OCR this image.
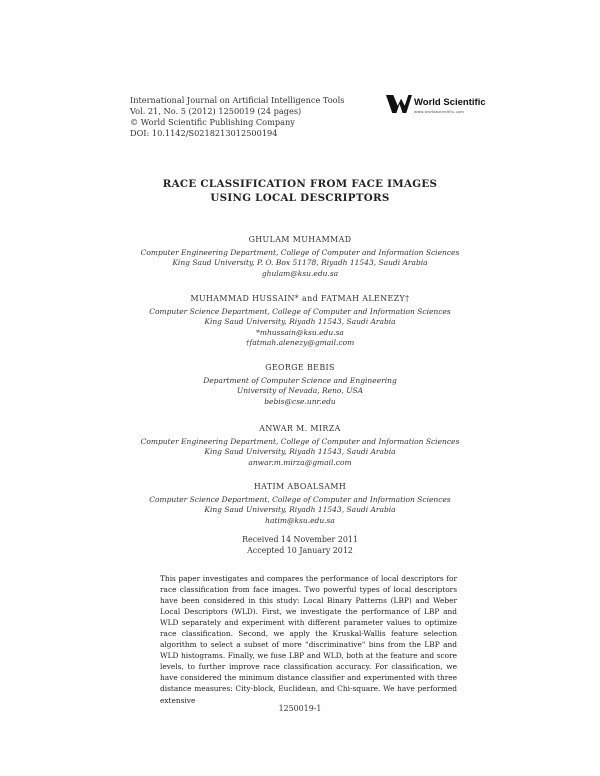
International Journal on Artificial Intelligence Tools
Vol. 21, No. 5 (2012) 1250019 (24 pages)
© World Scientific Publishing Company
DOI: 10.1142/S0218213012500194
World Scientific
www.worldscientific.com
RACE CLASSIFICATION FROM FACE IMAGES
USING LOCAL DESCRIPTORS
GHULAM MUHAMMAD
Computer Engineering Department, College of Computer and Information Sciences
King Saud University, P. O. Box 51178, Riyadh 11543, Saudi Arabia
ghulam@ksu.edu.sa
MUHAMMAD HUSSAIN* and FATMAH ALENEZY†
Computer Science Department, College of Computer and Information Sciences
King Saud University, Riyadh 11543, Saudi Arabia
*mhussain@ksu.edu.sa
†fatmah.alenezy@gmail.com
GEORGE BEBIS
Department of Computer Science and Engineering
University of Nevada, Reno, USA
bebis@cse.unr.edu
ANWAR M. MIRZA
Computer Engineering Department, College of Computer and Information Sciences
King Saud University, Riyadh 11543, Saudi Arabia
anwar.m.mirza@gmail.com
HATIM ABOALSAMH
Computer Science Department, College of Computer and Information Sciences
King Saud University, Riyadh 11543, Saudi Arabia
hatim@ksu.edu.sa
Received 14 November 2011
Accepted 10 January 2012
This paper investigates and compares the performance of local descriptors for race classification from face images. Two powerful types of local descriptors have been considered in this study: Local Binary Patterns (LBP) and Weber Local Descriptors (WLD). First, we investigate the performance of LBP and WLD separately and experiment with different parameter values to optimize race classification. Second, we apply the Kruskal-Wallis feature selection algorithm to select a subset of more "discriminative" bins from the LBP and WLD histograms. Finally, we fuse LBP and WLD, both at the feature and score levels, to further improve race classification accuracy. For classification, we have considered the minimum distance classifier and experimented with three distance measures: City-block, Euclidean, and Chi-square. We have performed extensive
1250019-1
